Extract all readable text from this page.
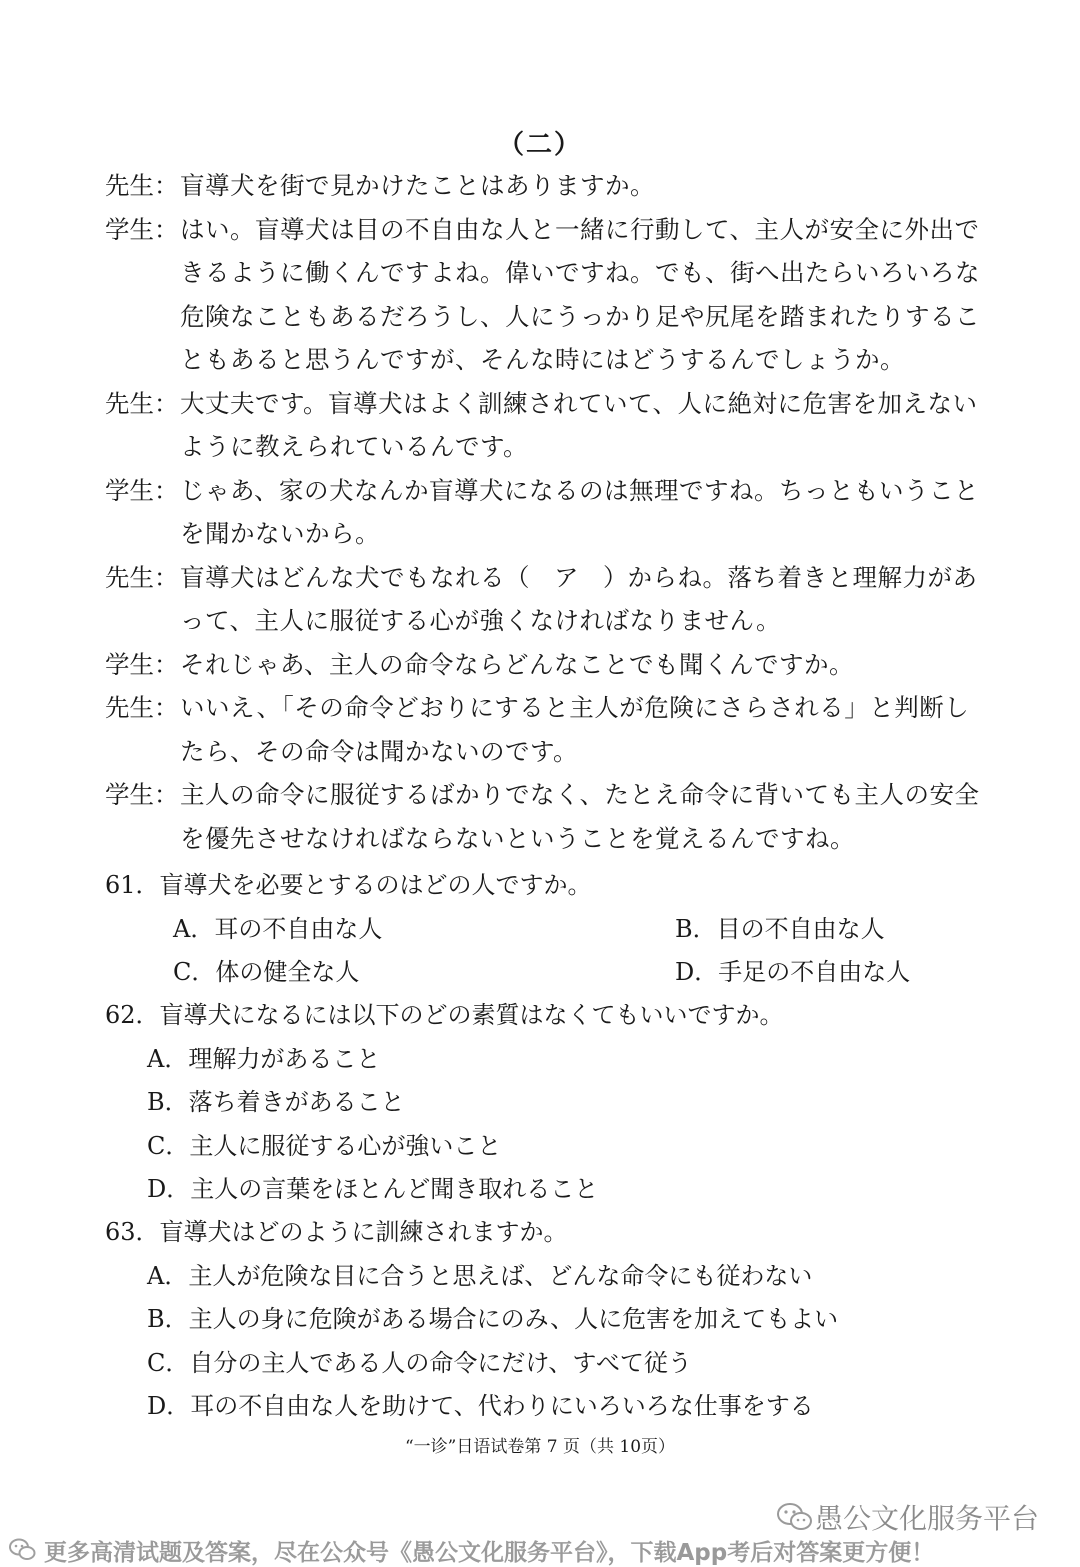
（二）
先生： 盲導犬を街で見かけたことはありますか。
学生： はい。盲導犬は目の不自由な人と一緒に行動して、主人が安全に外出できるように働くんですよね。偉いですね。でも、街へ出たらいろいろな危険なこともあるだろうし、人にうっかり足や尻尾を踏まれたりすることもあると思うんですが、そんな時にはどうするんでしょうか。
先生： 大丈夫です。盲導犬はよく訓練されていて、人に絶対に危害を加えないように教えられているんです。
学生： じゃあ、家の犬なんか盲導犬になるのは無理ですね。ちっともいうことを聞かないから。
先生： 盲導犬はどんな犬でもなれる（　ア　）からね。落ち着きと理解力があって、主人に服従する心が強くなければなりません。
学生： それじゃあ、主人の命令ならどんなことでも聞くんですか。
先生： いいえ、「その命令どおりにすると主人が危険にさらされる」と判断したら、その命令は聞かないのです。
学生： 主人の命令に服従するばかりでなく、たとえ命令に背いても主人の安全を優先させなければならないということを覚えるんですね。
61．盲導犬を必要とするのはどの人ですか。
A．耳の不自由な人	B．目の不自由な人
C．体の健全な人	D．手足の不自由な人
62．盲導犬になるには以下のどの素質はなくてもいいですか。
A．理解力があること
B．落ち着きがあること
C．主人に服従する心が強いこと
D．主人の言葉をほとんど聞き取れること
63．盲導犬はどのように訓練されますか。
A．主人が危険な目に合うと思えば、どんな命令にも従わない
B．主人の身に危険がある場合にのみ、人に危害を加えてもよい
C．自分の主人である人の命令にだけ、すべて従う
D．耳の不自由な人を助けて、代わりにいろいろな仕事をする
“一诊”日语试卷第 7 页（共 10页）
愚公文化服务平台
更多高清试题及答案，尽在公众号《愚公文化服务平台》，下载App考后对答案更方便！
